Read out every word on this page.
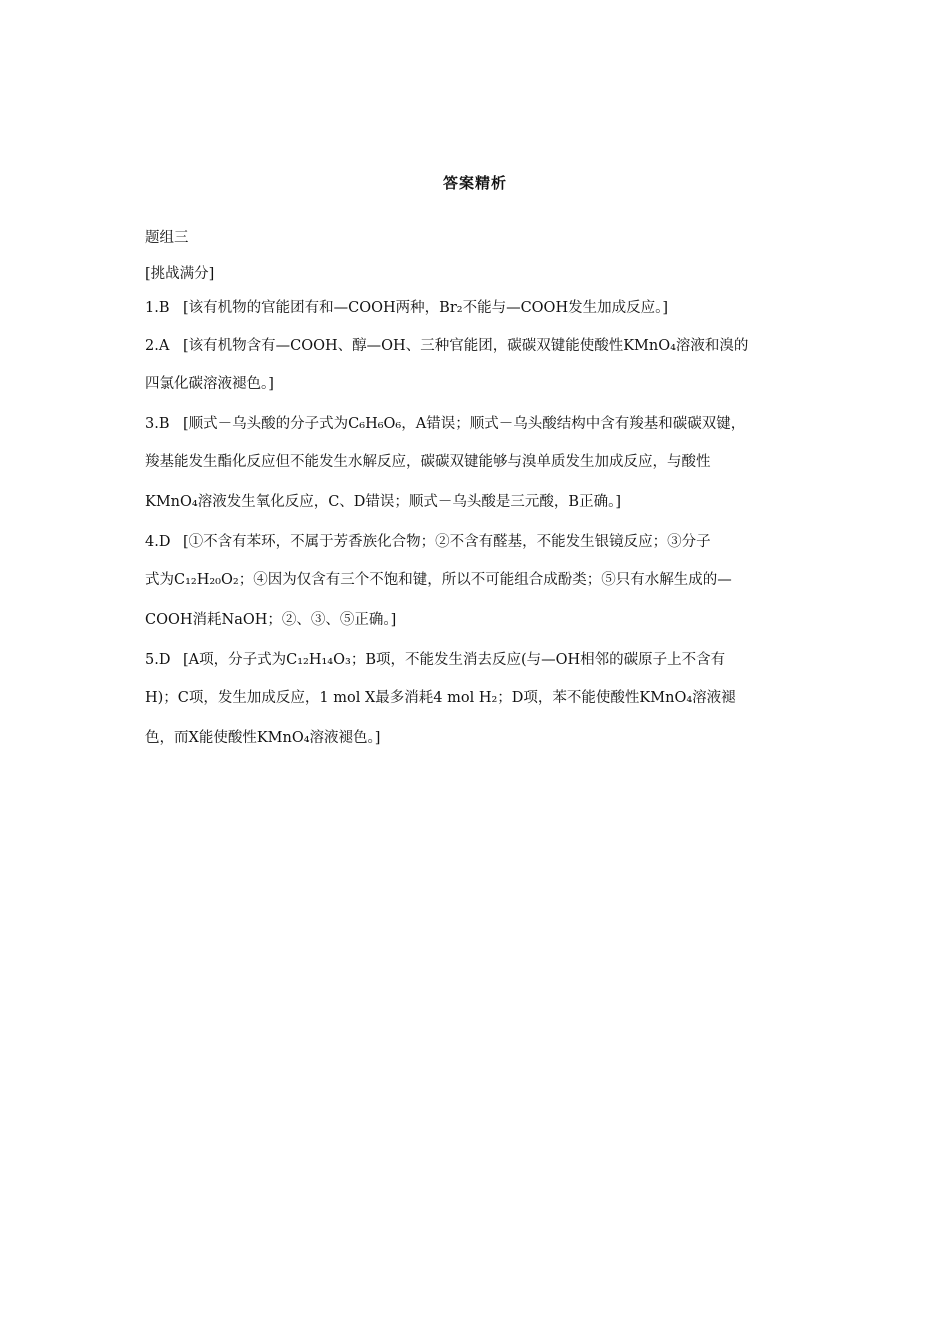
答案精析
题组三
[挑战满分]
1.B [该有机物的官能团有和—COOH两种，Br₂不能与—COOH发生加成反应。]
2.A [该有机物含有—COOH、醇—OH、三种官能团，碳碳双键能使酸性KMnO₄溶液和溴的
四氯化碳溶液褪色。]
3.B [顺式－乌头酸的分子式为C₆H₆O₆，A错误；顺式－乌头酸结构中含有羧基和碳碳双键，
羧基能发生酯化反应但不能发生水解反应，碳碳双键能够与溴单质发生加成反应，与酸性
KMnO₄溶液发生氧化反应，C、D错误；顺式－乌头酸是三元酸，B正确。]
4.D [①不含有苯环，不属于芳香族化合物；②不含有醛基，不能发生银镜反应；③分子
式为C₁₂H₂₀O₂；④因为仅含有三个不饱和键，所以不可能组合成酚类；⑤只有水解生成的—
COOH消耗NaOH；②、③、⑤正确。]
5.D [A项，分子式为C₁₂H₁₄O₃；B项，不能发生消去反应(与—OH相邻的碳原子上不含有
H)；C项，发生加成反应，1 mol X最多消耗4 mol H₂；D项，苯不能使酸性KMnO₄溶液褪
色，而X能使酸性KMnO₄溶液褪色。]
